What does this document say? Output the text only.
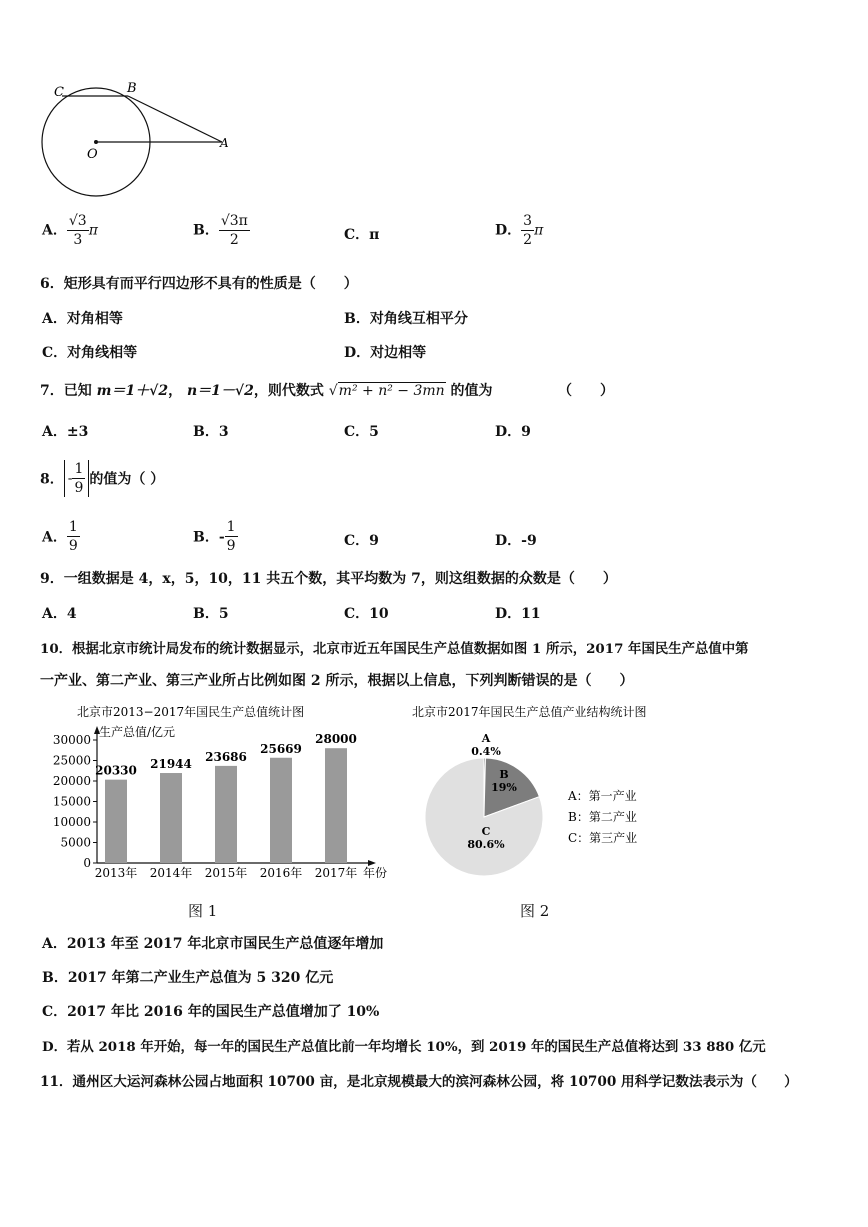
C	B
O
A
A． $\frac{√3}{3}$ π	B． $\frac{√3\pi}{2}$	C．π	D． $\frac{3}{2}$ π
6．矩形具有而平行四边形不具有的性质是（　　）
A．对角相等	B．对角线互相平分
C．对角线相等	D．对边相等
7．已知 m＝1＋√2， n＝1－√2，则代数式 √m² + n² − 3mn 的值为	（　　）
A．±3	B．3	C．5	D．9
8． - $\frac{1}{9}$ 的值为（ ）
A． $\frac{1}{9}$	B．- $\frac{1}{9}$	C．9	D．-9
9．一组数据是 4，x，5，10，11 共五个数，其平均数为 7，则这组数据的众数是（　　）
A．4	B．5	C．10	D．11
10．根据北京市统计局发布的统计数据显示，北京市近五年国民生产总值数据如图 1 所示，2017 年国民生产总值中第
一产业、第二产业、第三产业所占比例如图 2 所示，根据以上信息，下列判断错误的是（　　）
北京市2013−2017年国民生产总值统计图
生产总值/亿元
年份
30000
25000
20000
15000
10000
5000
0
20330
2013年
21944
2014年
23686
2015年
25669
2016年
28000
2017年
图 1
北京市2017年国民生产总值产业结构统计图
A
0.4%
B
19%
C
80.6%
A：第一产业
B：第二产业
C：第三产业
图 2
A．2013 年至 2017 年北京市国民生产总值逐年增加
B．2017 年第二产业生产总值为 5 320 亿元
C．2017 年比 2016 年的国民生产总值增加了 10%
D．若从 2018 年开始，每一年的国民生产总值比前一年均增长 10%，到 2019 年的国民生产总值将达到 33 880 亿元
11．通州区大运河森林公园占地面积 10700 亩，是北京规模最大的滨河森林公园，将 10700 用科学记数法表示为（　　）
